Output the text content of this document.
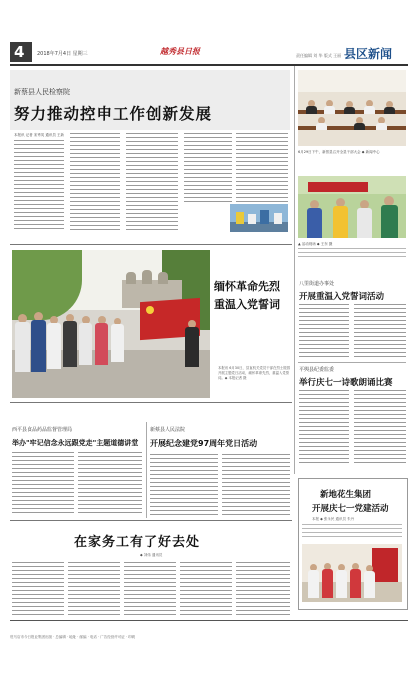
4	2018年7月4日 星期三	越秀县日报	责任编辑 刘 华 版式 王丽 县区新闻
新蔡县人民检察院
努力推动控申工作创新发展
本报讯 记者 宋秀英 通讯员 王新
6月29日下午，新蔡县召开全县干部大会 ◆ 新闻中心
▲ 活动现场 ◆ 王东 摄
缅怀革命先烈
重温入党誓词
本报讯 6月30日，县直机关党员干部在烈士陵园开展主题党日活动，缅怀革命先烈，重温入党誓词。◆ 本报记者 摄
八里街道办事处
开展重温入党誓词活动
平舆县纪委监委
举行庆七一诗歌朗诵比赛
西平县食品药品监督管理局
举办"牢记信念永远跟党走"主题道德讲堂
新蔡县人民法院
开展纪念建党97周年党日活动
新地花生集团
开展庆七一党建活动
本报 ◆ 张永民 通讯员 朱丹
在家务工有了好去处
◆ 刘伟 通讯员
驻马店市今日报业集团出版 · 总编辑 · 地址 · 邮编 · 电话 · 广告经营许可证 · 印刷
